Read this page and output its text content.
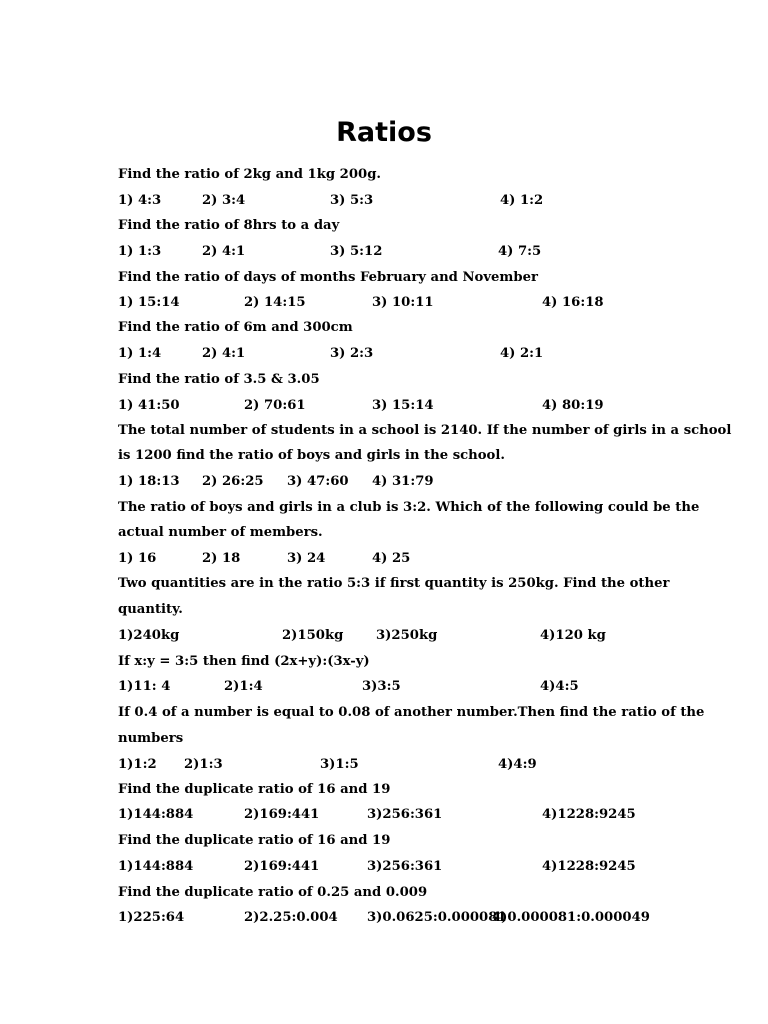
Ratios
Find the ratio of 2kg and 1kg 200g.
1) 4:3	2) 3:4	3) 5:3	4) 1:2
Find the ratio of 8hrs to a day
1) 1:3	2) 4:1	3) 5:12	4) 7:5
Find the ratio of days of months February and November
1) 15:14	2) 14:15	3) 10:11	4) 16:18
Find the ratio of 6m and 300cm
1) 1:4	2) 4:1	3) 2:3	4) 2:1
Find the ratio of 3.5 & 3.05
1) 41:50	2) 70:61	3) 15:14	4) 80:19
The total number of students in a school is 2140. If the number of girls in a school
is 1200 find the ratio of boys and girls in the school.
1) 18:13 2) 26:25 3) 47:60 4) 31:79
The ratio of boys and girls in a club is 3:2. Which of the following could be the
actual number of members.
1) 16	2) 18	3) 24	4) 25
Two quantities are in the ratio 5:3 if first quantity is 250kg. Find the other
quantity.
1)240kg	2)150kg 3)250kg	4)120 kg
If x:y = 3:5 then find (2x+y):(3x-y)
1)11: 4	2)1:4	3)3:5	4)4:5
If 0.4 of a number is equal to 0.08 of another number.Then find the ratio of the
numbers
1)1:2 2)1:3	3)1:5	4)4:9
Find the duplicate ratio of 16 and 19
1)144:884	2)169:441	3)256:361	4)1228:9245
Find the duplicate ratio of 16 and 19
1)144:884	2)169:441	3)256:361	4)1228:9245
Find the duplicate ratio of 0.25 and 0.009
1)225:64	2)2.25:0.004 3)0.0625:0.000081
4)0.000081:0.000049
